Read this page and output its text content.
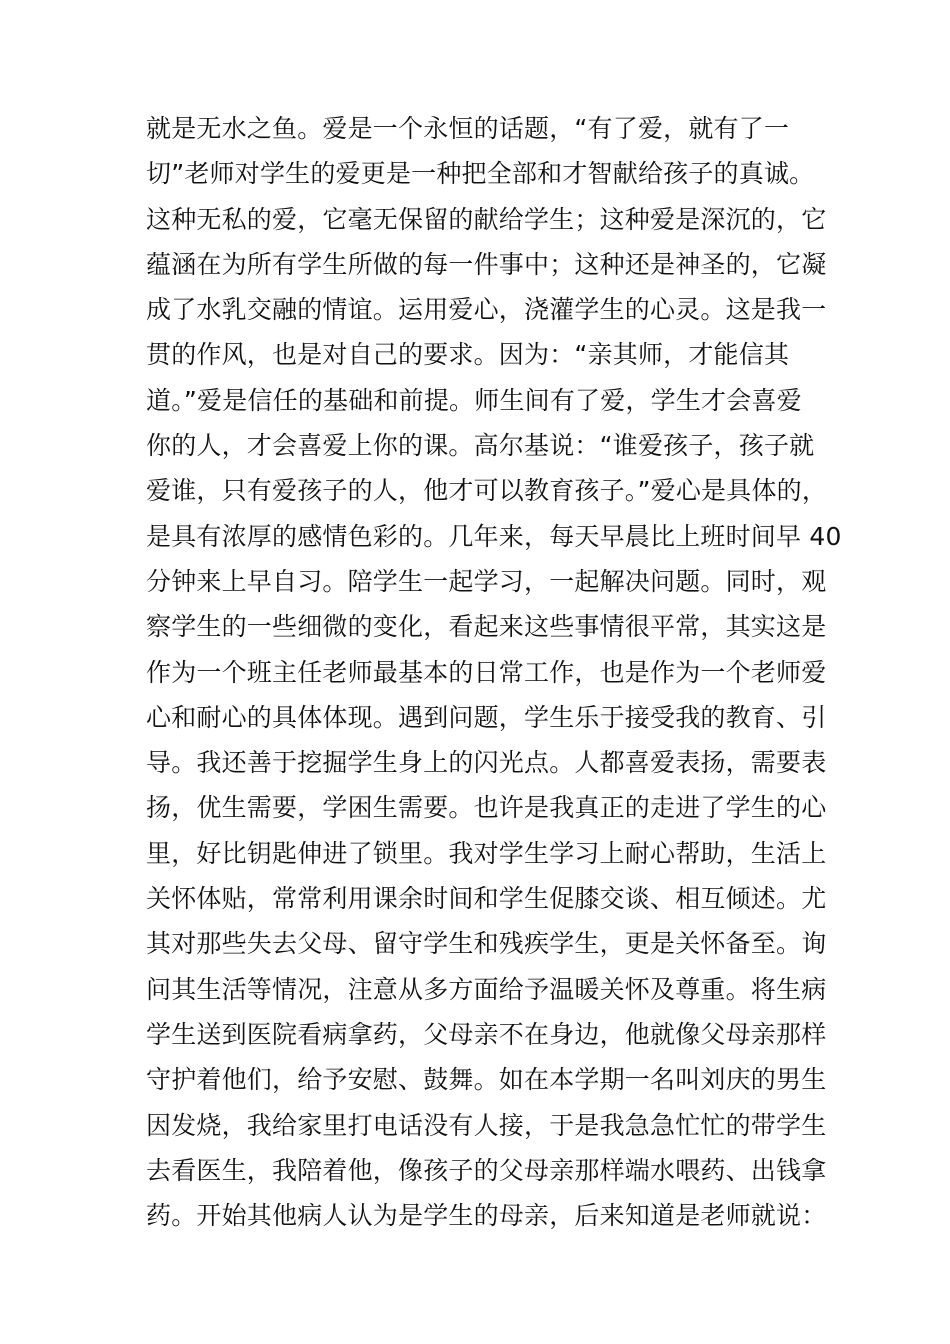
就是无水之鱼。爱是一个永恒的话题，“有了爱，就有了一
切”老师对学生的爱更是一种把全部和才智献给孩子的真诚。
这种无私的爱，它毫无保留的献给学生；这种爱是深沉的，它
蕴涵在为所有学生所做的每一件事中；这种还是神圣的，它凝
成了水乳交融的情谊。运用爱心，浇灌学生的心灵。这是我一
贯的作风，也是对自己的要求。因为：“亲其师，才能信其
道。”爱是信任的基础和前提。师生间有了爱，学生才会喜爱
你的人，才会喜爱上你的课。高尔基说：“谁爱孩子，孩子就
爱谁，只有爱孩子的人，他才可以教育孩子。”爱心是具体的，
是具有浓厚的感情色彩的。几年来，每天早晨比上班时间早 40
分钟来上早自习。陪学生一起学习，一起解决问题。同时，观
察学生的一些细微的变化，看起来这些事情很平常，其实这是
作为一个班主任老师最基本的日常工作，也是作为一个老师爱
心和耐心的具体体现。遇到问题，学生乐于接受我的教育、引
导。我还善于挖掘学生身上的闪光点。人都喜爱表扬，需要表
扬，优生需要，学困生需要。也许是我真正的走进了学生的心
里，好比钥匙伸进了锁里。我对学生学习上耐心帮助，生活上
关怀体贴，常常利用课余时间和学生促膝交谈、相互倾述。尤
其对那些失去父母、留守学生和残疾学生，更是关怀备至。询
问其生活等情况，注意从多方面给予温暖关怀及尊重。将生病
学生送到医院看病拿药，父母亲不在身边，他就像父母亲那样
守护着他们，给予安慰、鼓舞。如在本学期一名叫刘庆的男生
因发烧，我给家里打电话没有人接，于是我急急忙忙的带学生
去看医生，我陪着他，像孩子的父母亲那样端水喂药、出钱拿
药。开始其他病人认为是学生的母亲，后来知道是老师就说：
